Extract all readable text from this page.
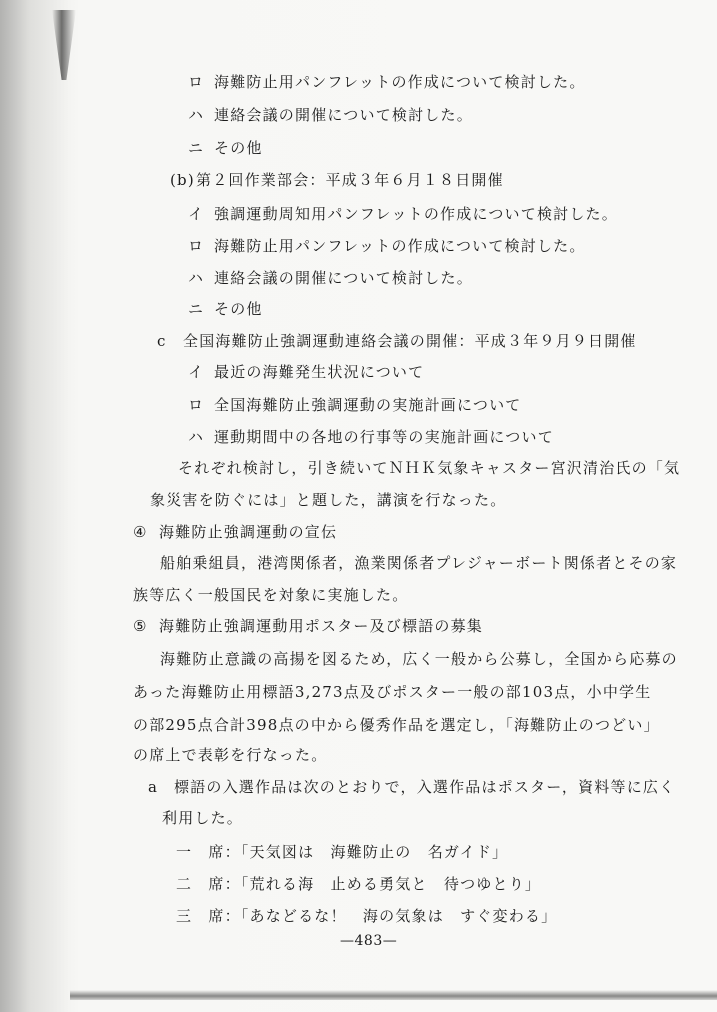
ロ 海難防止用パンフレットの作成について検討した。
ハ 連絡会議の開催について検討した。
ニ その他
(b)第２回作業部会：平成３年６月１８日開催
イ 強調運動周知用パンフレットの作成について検討した。
ロ 海難防止用パンフレットの作成について検討した。
ハ 連絡会議の開催について検討した。
ニ その他
c 全国海難防止強調運動連絡会議の開催：平成３年９月９日開催
イ 最近の海難発生状況について
ロ 全国海難防止強調運動の実施計画について
ハ 運動期間中の各地の行事等の実施計画について
それぞれ検討し，引き続いてＮＨＫ気象キャスター宮沢清治氏の「気
象災害を防ぐには」と題した，講演を行なった。
④ 海難防止強調運動の宣伝
船舶乗組員，港湾関係者，漁業関係者プレジャーボート関係者とその家
族等広く一般国民を対象に実施した。
⑤ 海難防止強調運動用ポスター及び標語の募集
海難防止意識の高揚を図るため，広く一般から公募し，全国から応募の
あった海難防止用標語3,273点及びポスター一般の部103点，小中学生
の部295点合計398点の中から優秀作品を選定し，「海難防止のつどい」
の席上で表彰を行なった。
a 標語の入選作品は次のとおりで，入選作品はポスター，資料等に広く
利用した。
一　席：「天気図は　海難防止の　名ガイド」
二　席：「荒れる海　止める勇気と　待つゆとり」
三　席：「あなどるな！　海の気象は　すぐ変わる」
—483—
